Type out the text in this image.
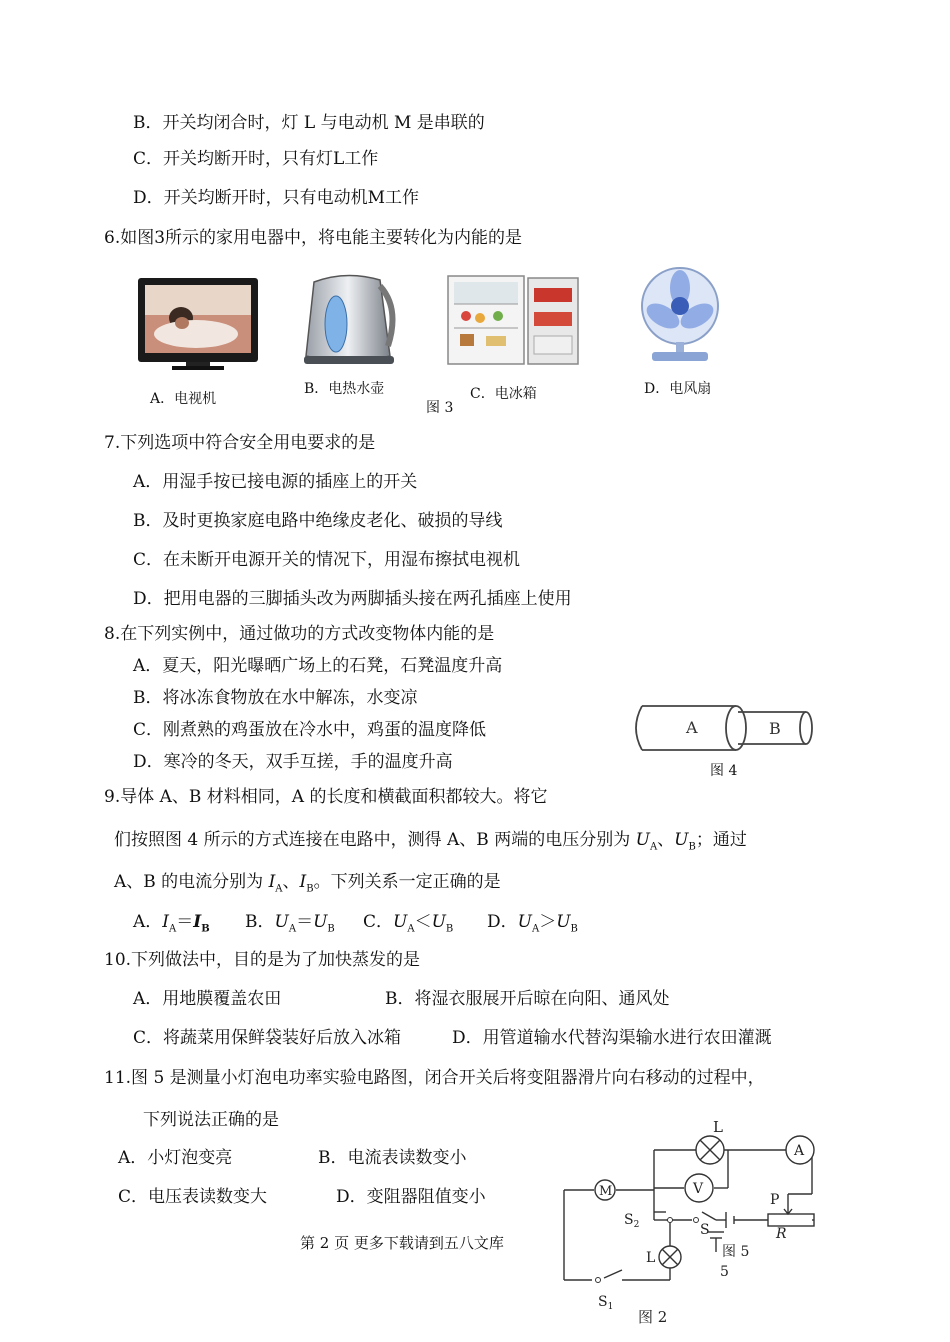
B．开关均闭合时，灯 L 与电动机 M 是串联的
C．开关均断开时，只有灯L工作
D．开关均断开时，只有电动机M工作
6.如图3所示的家用电器中，将电能主要转化为内能的是
A．电视机
B．电热水壶	C．电冰箱	D．电风扇
图 3
7.下列选项中符合安全用电要求的是
A．用湿手按已接电源的插座上的开关
B．及时更换家庭电路中绝缘皮老化、破损的导线
C．在未断开电源开关的情况下，用湿布擦拭电视机
D．把用电器的三脚插头改为两脚插头接在两孔插座上使用
8.在下列实例中，通过做功的方式改变物体内能的是
A．夏天，阳光曝晒广场上的石凳，石凳温度升高
B．将冰冻食物放在水中解冻，水变凉
C．刚煮熟的鸡蛋放在冷水中，鸡蛋的温度降低
D．寒冷的冬天，双手互搓，手的温度升高
A	B
图 4
9.导体 A、B 材料相同，A 的长度和横截面积都较大。将它
们按照图 4 所示的方式连接在电路中，测得 A、B 两端的电压分别为 $U_A$、$U_B$；通过
A、B 的电流分别为 $I_A$、$I_B$。下列关系一定正确的是
A．$I_A=I_B$ B．$U_A=U_B$ C．$U_A<U_B$ D．$U_A>U_B$
10.下列做法中，目的是为了加快蒸发的是
A．用地膜覆盖农田	B．将湿衣服展开后晾在向阳、通风处
C．将蔬菜用保鲜袋装好后放入冰箱	D．用管道输水代替沟渠输水进行农田灌溉
11.图 5 是测量小灯泡电功率实验电路图，闭合开关后将变阻器滑片向右移动的过程中，
下列说法正确的是
A．小灯泡变亮	B．电流表读数变小
C．电压表读数变大	D．变阻器阻值变小
第 2 页 更多下载请到五八文库
L
A
V
M
P
R
S
$S_2$
L	图 5
5
$S_1$
图 2
